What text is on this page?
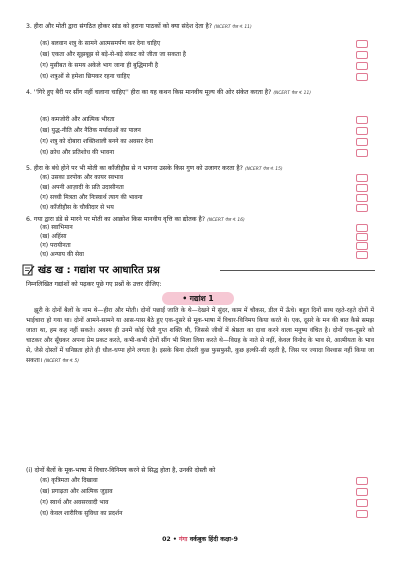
3. हीरा और मोती द्वारा संगठित होकर सांड को हराना पाठकों को क्या संदेश देता है? (NCERT पेज नं. 11)
(क) बलवान शत्रु के सामने आत्मसमर्पण कर देना चाहिए
(ख) एकता और सूझबूझ से बड़े-से-बड़े संकट को जीता जा सकता है
(ग) मुसीबत के समय अकेले भाग जाना ही बुद्धिमानी है
(घ) शत्रुओं से हमेशा छिपकर रहना चाहिए
4. ''गिरे हुए बैरी पर सींग नहीं चलाना चाहिए'' हीरा का यह कथन किस मानवीय मूल्य की ओर संकेत करता है? (NCERT पेज नं. 11)
(क) कमजोरी और आत्मिक भीरता
(ख) युद्ध-नीति और नैतिक मर्यादाओं का पालन
(ग) शत्रु को दोबारा शक्तिशाली बनने का अवसर देना
(घ) क्रोध और प्रतिशोध की भावना
5. हीरा के बंधे होने पर भी मोती का काँजीहौस से न भागना उसके किस गुण को उजागर करता है? (NCERT पेज नं. 15)
(क) उसका डरपोक और कायर स्वभाव
(ख) अपनी आज़ादी के प्रति उदासीनता
(ग) सच्ची मित्रता और निःस्वार्थ त्याग की भावना
(घ) काँजीहौस के चौकीदार से भय
6. गया द्वारा डंडे से मारने पर मोती का आक्रोश किस मानवीय वृत्ति का द्योतक है? (NCERT पेज नं. 16)
(क) स्वाभिमान
(ख) अहिंसा
(ग) परायीनता
(घ) अन्याय की सेवा
खंड ख : गद्यांश पर आधारित प्रश्न
निम्नलिखित गद्यांशों को पढ़कर पूछे गए प्रश्नों के उत्तर दीजिए:
• गद्यांश 1
झूरी के दोनों बैलों के नाम थे—हीरा और मोती। दोनों पछाईं जाति के थे—देखने में सुंदर, काम में चौकस, डील में ऊँचे। बहुत दिनों साथ रहते-रहते दोनों में भाईचारा हो गया था। दोनों आमने-सामने या आस-पास बैठे हुए एक-दूसरे से मूक-भाषा में विचार-विनिमय किया करते थे। एक, दूसरे के मन की बात कैसे समझ जाता था, हम कह नहीं सकते। अवश्य ही उनमें कोई ऐसी गुप्त शक्ति थी, जिससे जीवों में श्रेष्ठता का दावा करने वाला मनुष्य वंचित है। दोनों एक-दूसरे को चाटकर और सूँघकर अपना प्रेम प्रकट करते, कभी-कभी दोनों सींग भी मिला लिया करते थे—विग्रह के नाते से नहीं, केवल विनोद के भाव से, आत्मीयता के भाव से, जैसे दोस्तों में घनिष्ठता होते ही धौल-धप्पा होने लगता है। इसके बिना दोस्ती कुछ फुसफुसी, कुछ हल्की-सी रहती है, जिस पर ज्यादा विश्वास नहीं किया जा सकता। (NCERT पेज नं. 5)
(i) दोनों बैलों के मूक-भाषा में विचार-विनिमय करने से सिद्ध होता है, उनकी दोस्ती को
(क) कृत्रिमता और दिखावा
(ख) प्रगाढ़ता और आत्मिक जुड़ाव
(ग) स्वार्थ और अवसरवादी भाव
(घ) केवल शारीरिक सुविधा का प्रदर्शन
02 • गंगा वर्कबुक हिंदी कक्षा-9
